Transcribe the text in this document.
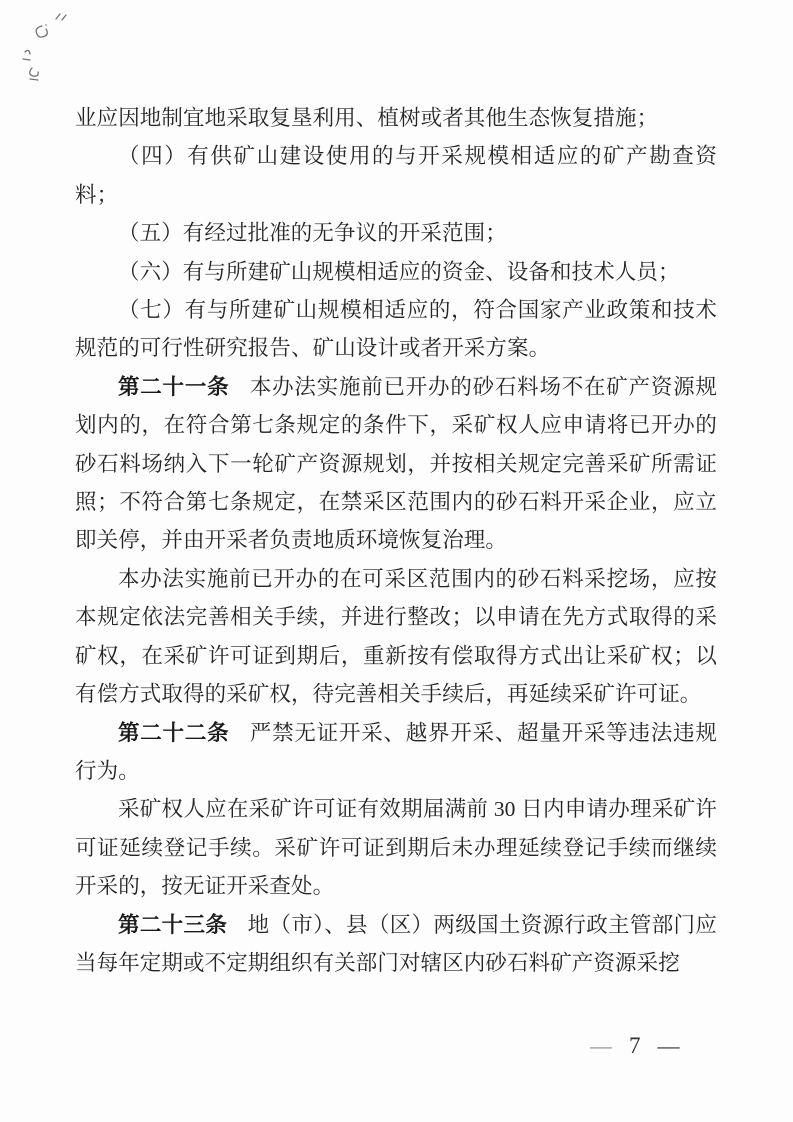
业应因地制宜地采取复垦利用、植树或者其他生态恢复措施；

（四）有供矿山建设使用的与开采规模相适应的矿产勘查资料；

（五）有经过批准的无争议的开采范围；

（六）有与所建矿山规模相适应的资金、设备和技术人员；

（七）有与所建矿山规模相适应的，符合国家产业政策和技术规范的可行性研究报告、矿山设计或者开采方案。

第二十一条 本办法实施前已开办的砂石料场不在矿产资源规划内的，在符合第七条规定的条件下，采矿权人应申请将已开办的砂石料场纳入下一轮矿产资源规划，并按相关规定完善采矿所需证照；不符合第七条规定，在禁采区范围内的砂石料开采企业，应立即关停，并由开采者负责地质环境恢复治理。

本办法实施前已开办的在可采区范围内的砂石料采挖场，应按本规定依法完善相关手续，并进行整改；以申请在先方式取得的采矿权，在采矿许可证到期后，重新按有偿取得方式出让采矿权；以有偿方式取得的采矿权，待完善相关手续后，再延续采矿许可证。

第二十二条 严禁无证开采、越界开采、超量开采等违法违规行为。

采矿权人应在采矿许可证有效期届满前 30 日内申请办理采矿许可证延续登记手续。采矿许可证到期后未办理延续登记手续而继续开采的，按无证开采查处。

第二十三条 地（市）、县（区）两级国土资源行政主管部门应当每年定期或不定期组织有关部门对辖区内砂石料矿产资源采挖

— 7 —
